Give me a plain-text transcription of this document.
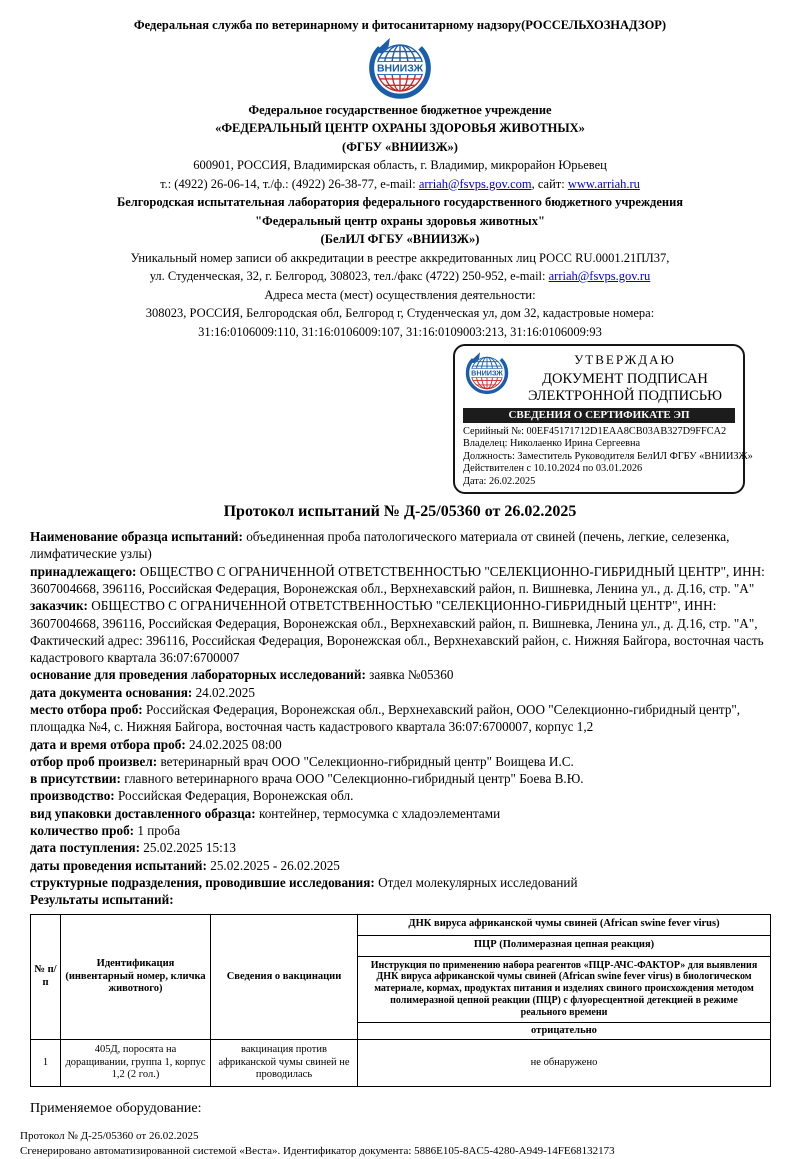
Федеральная служба по ветеринарному и фитосанитарному надзору(РОССЕЛЬХОЗНАДЗОР)
Федеральное государственное бюджетное учреждение
«ФЕДЕРАЛЬНЫЙ ЦЕНТР ОХРАНЫ ЗДОРОВЬЯ ЖИВОТНЫХ»
(ФГБУ «ВНИИЗЖ»)
600901, РОССИЯ, Владимирская область, г. Владимир, микрорайон Юрьевец
т.: (4922) 26-06-14, т./ф.: (4922) 26-38-77, e-mail: arriah@fsvps.gov.com, сайт: www.arriah.ru
Белгородская испытательная лаборатория федерального государственного бюджетного учреждения
"Федеральный центр охраны здоровья животных"
(БелИЛ ФГБУ «ВНИИЗЖ»)
Уникальный номер записи об аккредитации в реестре аккредитованных лиц РОСС RU.0001.21ПЛ37,
ул. Студенческая, 32, г. Белгород, 308023, тел./факс (4722) 250-952, e-mail: arriah@fsvps.gov.ru
Адреса места (мест) осуществления деятельности:
308023, РОССИЯ, Белгородская обл, Белгород г, Студенческая ул, дом 32, кадастровые номера:
31:16:0106009:110, 31:16:0106009:107, 31:16:0109003:213, 31:16:0106009:93
УТВЕРЖДАЮ
ДОКУМЕНТ ПОДПИСАН
ЭЛЕКТРОННОЙ ПОДПИСЬЮ
СВЕДЕНИЯ О СЕРТИФИКАТЕ ЭП
Серийный №: 00EF45171712D1EAA8CB03AB327D9FFCA2
Владелец: Николаенко Ирина Сергеевна
Должность: Заместитель Руководителя БелИЛ ФГБУ «ВНИИЗЖ»
Действителен с 10.10.2024 по 03.01.2026
Дата: 26.02.2025
Протокол испытаний № Д-25/05360 от 26.02.2025
Наименование образца испытаний: объединенная проба патологического материала от свиней (печень, легкие, селезенка, лимфатические узлы)
принадлежащего: ОБЩЕСТВО С ОГРАНИЧЕННОЙ ОТВЕТСТВЕННОСТЬЮ "СЕЛЕКЦИОННО-ГИБРИДНЫЙ ЦЕНТР", ИНН: 3607004668, 396116, Российская Федерация, Воронежская обл., Верхнехавский район, п. Вишневка, Ленина ул., д. Д.16, стр. "А"
заказчик: ОБЩЕСТВО С ОГРАНИЧЕННОЙ ОТВЕТСТВЕННОСТЬЮ "СЕЛЕКЦИОННО-ГИБРИДНЫЙ ЦЕНТР", ИНН: 3607004668, 396116, Российская Федерация, Воронежская обл., Верхнехавский район, п. Вишневка, Ленина ул., д. Д.16, стр. "А", Фактический адрес: 396116, Российская Федерация, Воронежская обл., Верхнехавский район, с. Нижняя Байгора, восточная часть кадастрового квартала 36:07:6700007
основание для проведения лабораторных исследований: заявка №05360
дата документа основания: 24.02.2025
место отбора проб: Российская Федерация, Воронежская обл., Верхнехавский район, ООО "Селекционно-гибридный центр", площадка №4, с. Нижняя Байгора, восточная часть кадастрового квартала 36:07:6700007, корпус 1,2
дата и время отбора проб: 24.02.2025 08:00
отбор проб произвел: ветеринарный врач ООО "Селекционно-гибридный центр" Воищева И.С.
в присутствии: главного ветеринарного врача ООО "Селекционно-гибридный центр" Боева В.Ю.
производство: Российская Федерация, Воронежская обл.
вид упаковки доставленного образца: контейнер, термосумка с хладоэлементами
количество проб: 1 проба
дата поступления: 25.02.2025 15:13
даты проведения испытаний: 25.02.2025 - 26.02.2025
структурные подразделения, проводившие исследования: Отдел молекулярных исследований
Результаты испытаний:
№ п/п	Идентификация (инвентарный номер, кличка животного)	Сведения о вакцинации	ДНК вируса африканской чумы свиней (African swine fever virus)
			ПЦР (Полимеразная цепная реакция)
			Инструкция по применению набора реагентов «ПЦР-АЧС-ФАКТОР» для выявления ДНК вируса африканской чумы свиней (African swine fever virus) в биологическом материале, кормах, продуктах питания и изделиях свиного происхождения методом полимеразной цепной реакции (ПЦР) с флуоресцентной детекцией в режиме реального времени
			отрицательно
1	405Д, поросята на доращивании, группа 1, корпус 1,2 (2 гол.)	вакцинация против африканской чумы свиней не проводилась	не обнаружено
Применяемое оборудование:
Протокол № Д-25/05360 от 26.02.2025
Сгенерировано автоматизированной системой «Веста». Идентификатор документа: 5886E105-8AC5-4280-A949-14FE68132173
